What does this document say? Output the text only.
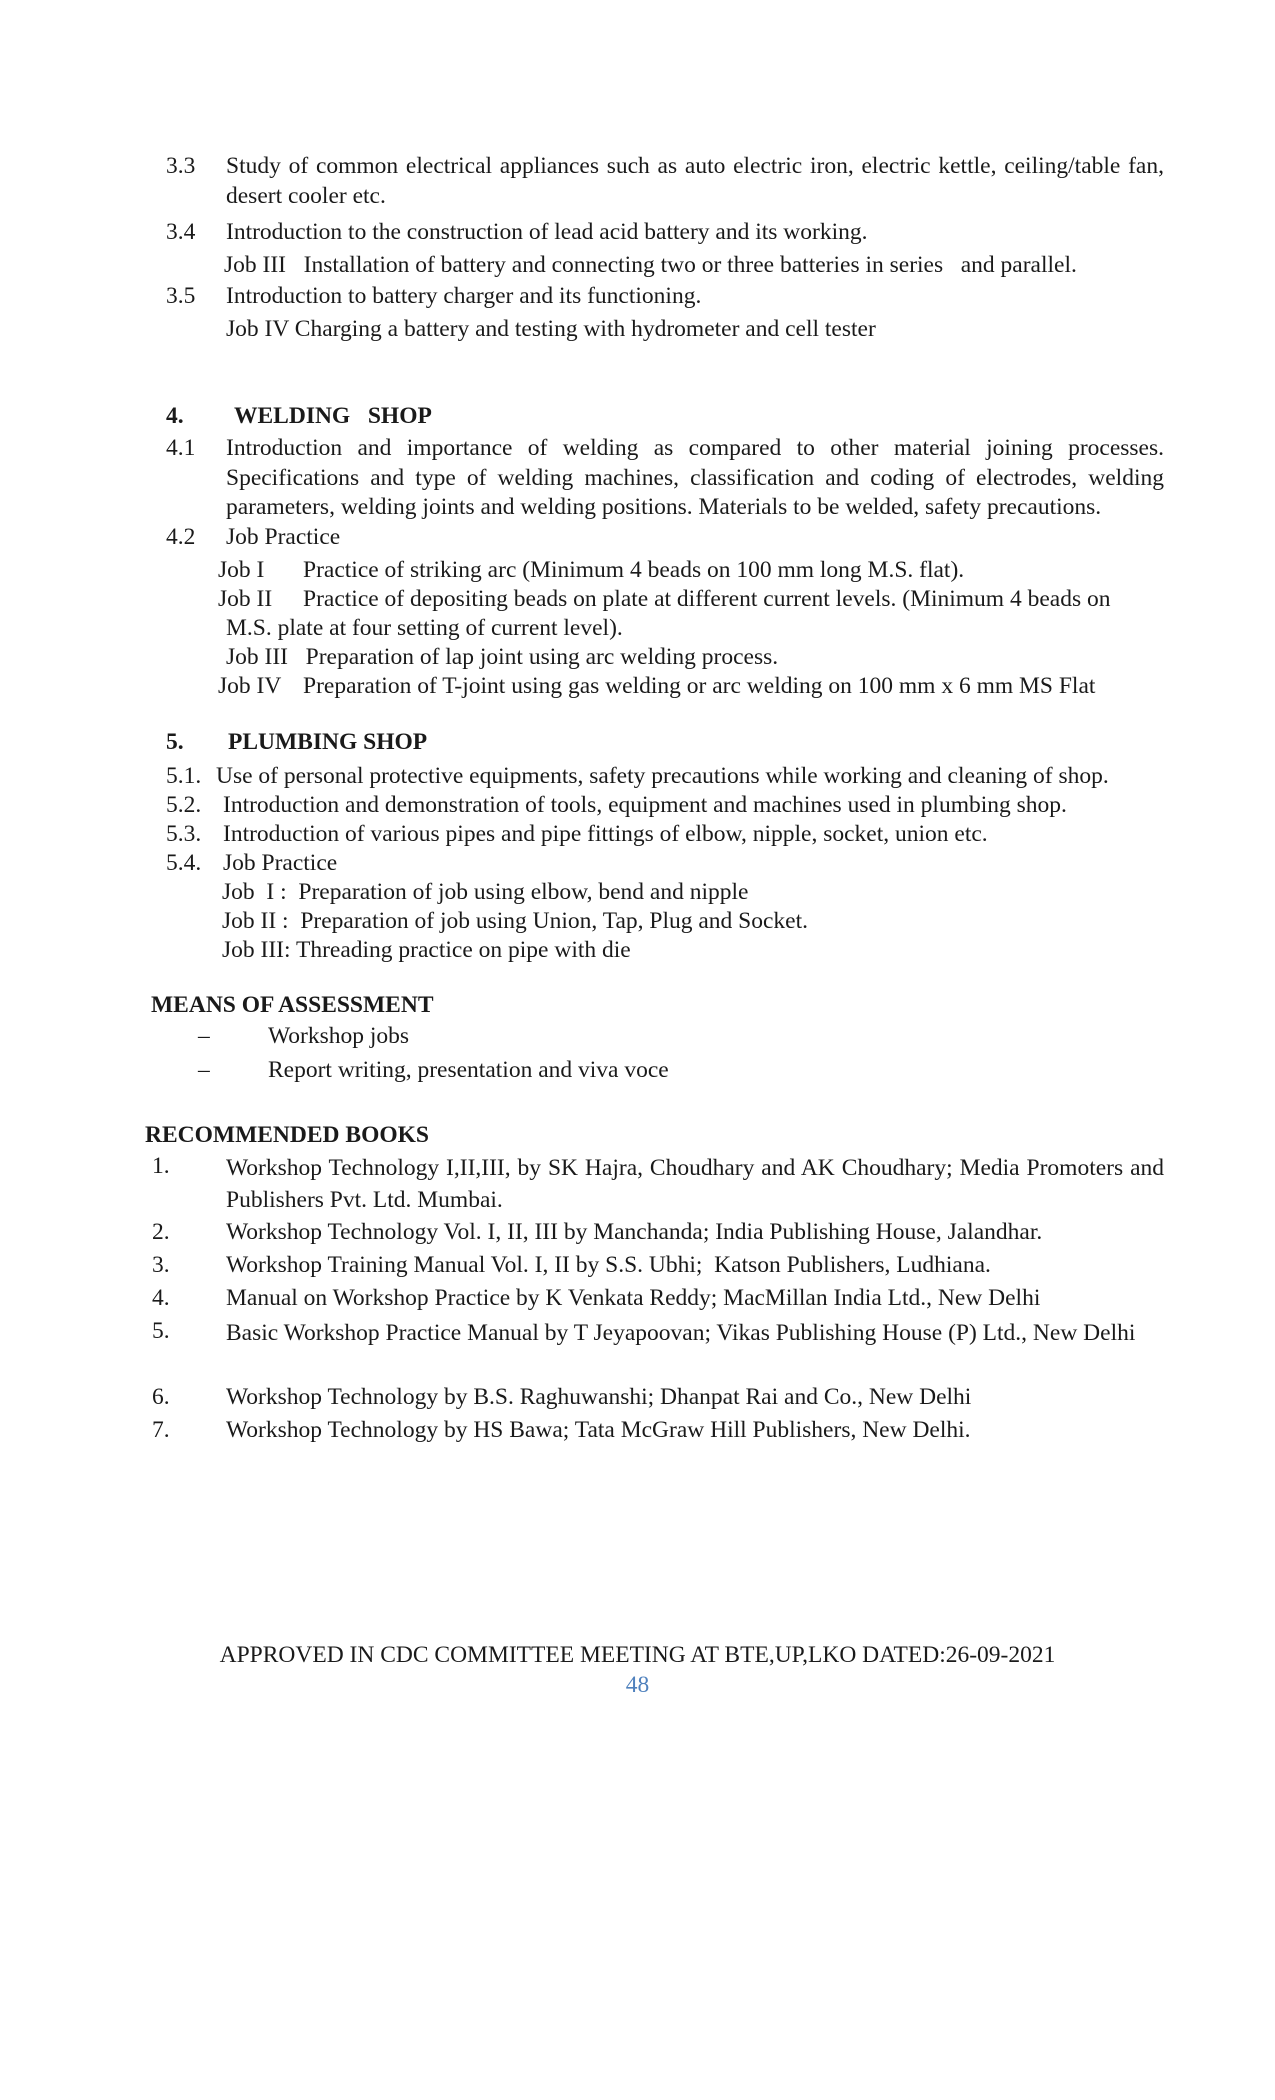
3.3 Study of common electrical appliances such as auto electric iron, electric kettle, ceiling/table fan, desert cooler etc.
3.4 Introduction to the construction of lead acid battery and its working.
Job III   Installation of battery and connecting two or three batteries in series   and parallel.
3.5 Introduction to battery charger and its functioning.
Job IV Charging a battery and testing with hydrometer and cell tester
4. WELDING   SHOP
4.1 Introduction and importance of welding as compared to other material joining processes. Specifications and type of welding machines, classification and coding of electrodes, welding parameters, welding joints and welding positions. Materials to be welded, safety precautions.
4.2 Job Practice
Job I Practice of striking arc (Minimum 4 beads on 100 mm long M.S. flat).
Job II Practice of depositing beads on plate at different current levels. (Minimum 4 beads on
M.S. plate at four setting of current level).
Job III   Preparation of lap joint using arc welding process.
Job IV Preparation of T-joint using gas welding or arc welding on 100 mm x 6 mm MS Flat
5. PLUMBING SHOP
5.1. Use of personal protective equipments, safety precautions while working and cleaning of shop.
5.2. Introduction and demonstration of tools, equipment and machines used in plumbing shop.
5.3. Introduction of various pipes and pipe fittings of elbow, nipple, socket, union etc.
5.4. Job Practice
Job  I :  Preparation of job using elbow, bend and nipple
Job II :  Preparation of job using Union, Tap, Plug and Socket.
Job III: Threading practice on pipe with die
MEANS OF ASSESSMENT
– Workshop jobs
– Report writing, presentation and viva voce
RECOMMENDED BOOKS
1. Workshop Technology I,II,III, by SK Hajra, Choudhary and AK Choudhary; Media Promoters and Publishers Pvt. Ltd. Mumbai.
2. Workshop Technology Vol. I, II, III by Manchanda; India Publishing House, Jalandhar.
3. Workshop Training Manual Vol. I, II by S.S. Ubhi;  Katson Publishers, Ludhiana.
4. Manual on Workshop Practice by K Venkata Reddy; MacMillan India Ltd., New Delhi
5. Basic Workshop Practice Manual by T Jeyapoovan; Vikas Publishing House (P) Ltd., New Delhi
6. Workshop Technology by B.S. Raghuwanshi; Dhanpat Rai and Co., New Delhi
7. Workshop Technology by HS Bawa; Tata McGraw Hill Publishers, New Delhi.
APPROVED IN CDC COMMITTEE MEETING AT BTE,UP,LKO DATED:26-09-2021
48
